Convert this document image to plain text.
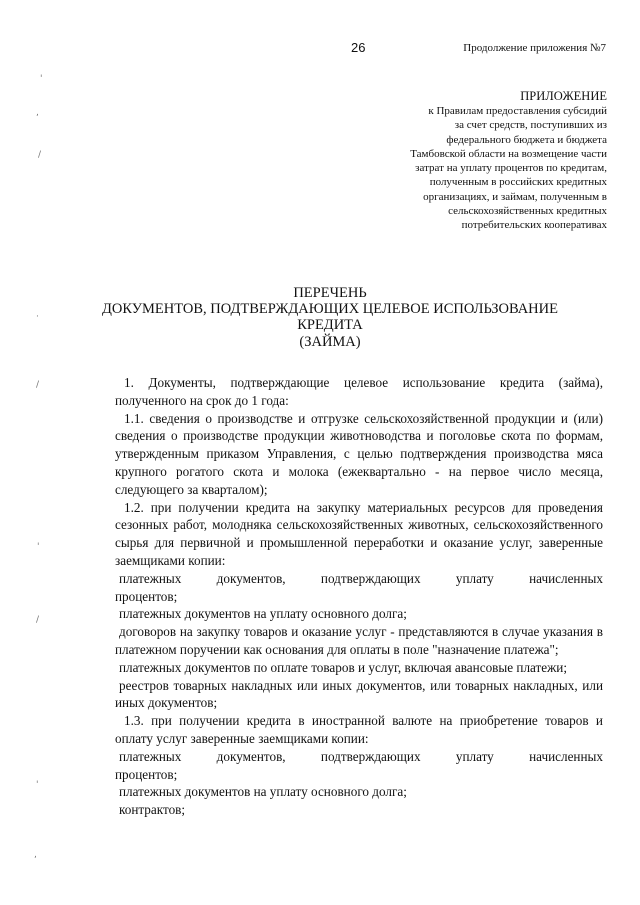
26	Продолжение приложения №7
ПРИЛОЖЕНИЕ
к Правилам предоставления субсидий
за счет средств, поступивших из
федерального бюджета и бюджета
Тамбовской области на возмещение части
затрат на уплату процентов по кредитам,
полученным в российских кредитных
организациях, и займам, полученным в
сельскохозяйственных кредитных
потребительских кооперативах
ПЕРЕЧЕНЬ
ДОКУМЕНТОВ, ПОДТВЕРЖДАЮЩИХ ЦЕЛЕВОЕ ИСПОЛЬЗОВАНИЕ
КРЕДИТА
(ЗАЙМА)

1. Документы, подтверждающие целевое использование кредита (займа), полученного на срок до 1 года:

1.1. сведения о производстве и отгрузке сельскохозяйственной продукции и (или) сведения о производстве продукции животноводства и поголовье скота по формам, утвержденным приказом Управления, с целью подтверждения производства мяса крупного рогатого скота и молока (ежеквартально - на первое число месяца, следующего за кварталом);

1.2. при получении кредита на закупку материальных ресурсов для проведения сезонных работ, молодняка сельскохозяйственных животных, сельскохозяйственного сырья для первичной и промышленной переработки и оказание услуг, заверенные заемщиками копии:

платежных документов, подтверждающих уплату начисленных

процентов;

платежных документов на уплату основного долга;

договоров на закупку товаров и оказание услуг - представляются в случае указания в платежном поручении как основания для оплаты в поле "назначение платежа";

платежных документов по оплате товаров и услуг, включая авансовые платежи;

реестров товарных накладных или иных документов, или товарных накладных, или иных документов;

1.3. при получении кредита в иностранной валюте на приобретение товаров и оплату услуг заверенные заемщиками копии:

платежных документов, подтверждающих уплату начисленных

процентов;

платежных документов на уплату основного долга;

контрактов;

'
,
/
·
/
'
/
'
,
